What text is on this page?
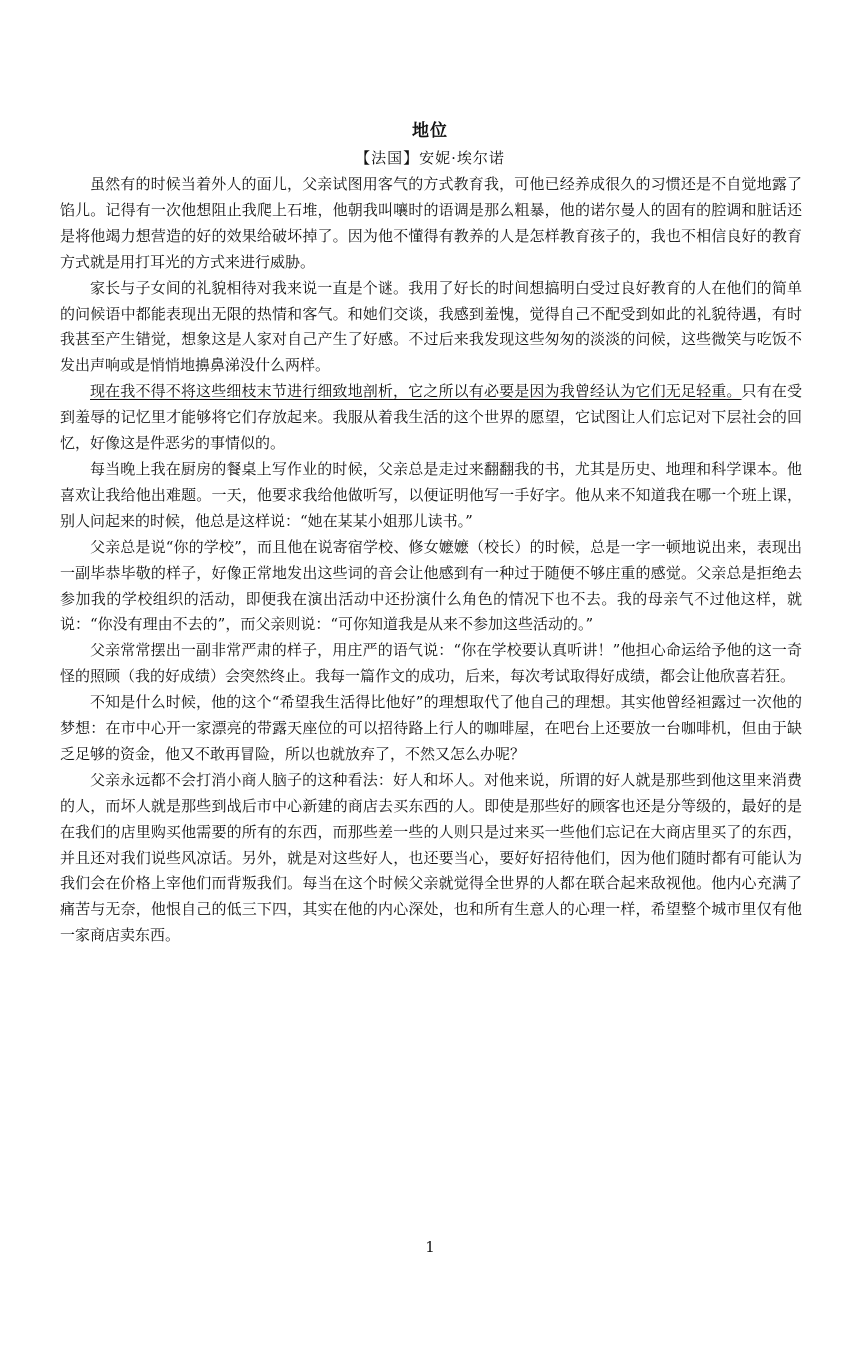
地位
【法国】安妮·埃尔诺

虽然有的时候当着外人的面儿，父亲试图用客气的方式教育我，可他已经养成很久的习惯还是不自觉地露了馅儿。记得有一次他想阻止我爬上石堆，他朝我叫嚷时的语调是那么粗暴，他的诺尔曼人的固有的腔调和脏话还是将他竭力想营造的好的效果给破坏掉了。因为他不懂得有教养的人是怎样教育孩子的，我也不相信良好的教育方式就是用打耳光的方式来进行威胁。

家长与子女间的礼貌相待对我来说一直是个谜。我用了好长的时间想搞明白受过良好教育的人在他们的简单的问候语中都能表现出无限的热情和客气。和她们交谈，我感到羞愧，觉得自己不配受到如此的礼貌待遇，有时我甚至产生错觉，想象这是人家对自己产生了好感。不过后来我发现这些匆匆的淡淡的问候，这些微笑与吃饭不发出声响或是悄悄地擤鼻涕没什么两样。

现在我不得不将这些细枝末节进行细致地剖析，它之所以有必要是因为我曾经认为它们无足轻重。只有在受到羞辱的记忆里才能够将它们存放起来。我服从着我生活的这个世界的愿望，它试图让人们忘记对下层社会的回忆，好像这是件恶劣的事情似的。

每当晚上我在厨房的餐桌上写作业的时候，父亲总是走过来翻翻我的书，尤其是历史、地理和科学课本。他喜欢让我给他出难题。一天，他要求我给他做听写，以便证明他写一手好字。他从来不知道我在哪一个班上课，别人问起来的时候，他总是这样说：“她在某某小姐那儿读书。”

父亲总是说“你的学校”，而且他在说寄宿学校、修女嬷嬷（校长）的时候，总是一字一顿地说出来，表现出一副毕恭毕敬的样子，好像正常地发出这些词的音会让他感到有一种过于随便不够庄重的感觉。父亲总是拒绝去参加我的学校组织的活动，即便我在演出活动中还扮演什么角色的情况下也不去。我的母亲气不过他这样，就说：“你没有理由不去的”，而父亲则说：“可你知道我是从来不参加这些活动的。”

父亲常常摆出一副非常严肃的样子，用庄严的语气说：“你在学校要认真听讲！”他担心命运给予他的这一奇怪的照顾（我的好成绩）会突然终止。我每一篇作文的成功，后来，每次考试取得好成绩，都会让他欣喜若狂。

不知是什么时候，他的这个“希望我生活得比他好”的理想取代了他自己的理想。其实他曾经袒露过一次他的梦想：在市中心开一家漂亮的带露天座位的可以招待路上行人的咖啡屋，在吧台上还要放一台咖啡机，但由于缺乏足够的资金，他又不敢再冒险，所以也就放弃了，不然又怎么办呢？

父亲永远都不会打消小商人脑子的这种看法：好人和坏人。对他来说，所谓的好人就是那些到他这里来消费的人，而坏人就是那些到战后市中心新建的商店去买东西的人。即使是那些好的顾客也还是分等级的，最好的是在我们的店里购买他需要的所有的东西，而那些差一些的人则只是过来买一些他们忘记在大商店里买了的东西，并且还对我们说些风凉话。另外，就是对这些好人，也还要当心，要好好招待他们，因为他们随时都有可能认为我们会在价格上宰他们而背叛我们。每当在这个时候父亲就觉得全世界的人都在联合起来敌视他。他内心充满了痛苦与无奈，他恨自己的低三下四，其实在他的内心深处，也和所有生意人的心理一样，希望整个城市里仅有他一家商店卖东西。

1
